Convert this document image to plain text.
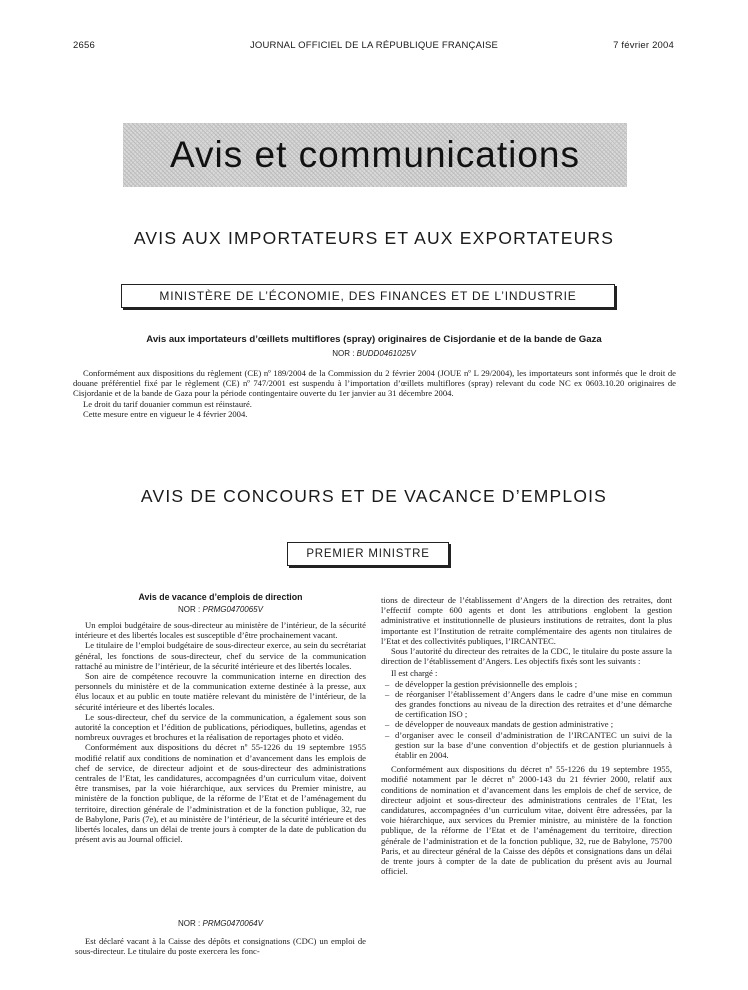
2656	JOURNAL OFFICIEL DE LA RÉPUBLIQUE FRANÇAISE	7 février 2004
Avis et communications
AVIS AUX IMPORTATEURS ET AUX EXPORTATEURS
MINISTÈRE DE L’ÉCONOMIE, DES FINANCES ET DE L’INDUSTRIE
Avis aux importateurs d’œillets multiflores (spray) originaires de Cisjordanie et de la bande de Gaza
NOR : BUDD0461025V

Conformément aux dispositions du règlement (CE) nº 189/2004 de la Commission du 2 février 2004 (JOUE nº L 29/2004), les importateurs sont informés que le droit de douane préférentiel fixé par le règlement (CE) nº 747/2001 est suspendu à l’importation d’œillets multiflores (spray) relevant du code NC ex 0603.10.20 originaires de Cisjordanie et de la bande de Gaza pour la période contingentaire ouverte du 1er janvier au 31 décembre 2004.

Le droit du tarif douanier commun est réinstauré.

Cette mesure entre en vigueur le 4 février 2004.

AVIS DE CONCOURS ET DE VACANCE D’EMPLOIS
PREMIER MINISTRE
Avis de vacance d’emplois de direction
NOR : PRMG0470065V

Un emploi budgétaire de sous-directeur au ministère de l’intérieur, de la sécurité intérieure et des libertés locales est susceptible d’être prochainement vacant.

Le titulaire de l’emploi budgétaire de sous-directeur exerce, au sein du secrétariat général, les fonctions de sous-directeur, chef du service de la communication rattaché au ministre de l’intérieur, de la sécurité intérieure et des libertés locales.

Son aire de compétence recouvre la communication interne en direction des personnels du ministère et de la communication externe destinée à la presse, aux élus locaux et au public en toute matière relevant du ministère de l’intérieur, de la sécurité intérieure et des libertés locales.

Le sous-directeur, chef du service de la communication, a également sous son autorité la conception et l’édition de publications, périodiques, bulletins, agendas et nombreux ouvrages et brochures et la réalisation de reportages photo et vidéo.

Conformément aux dispositions du décret nº 55-1226 du 19 septembre 1955 modifié relatif aux conditions de nomination et d’avancement dans les emplois de chef de service, de directeur adjoint et de sous-directeur des administrations centrales de l’Etat, les candidatures, accompagnées d’un curriculum vitae, doivent être transmises, par la voie hiérarchique, aux services du Premier ministre, au ministère de la fonction publique, de la réforme de l’Etat et de l’aménagement du territoire, direction générale de l’administration et de la fonction publique, 32, rue de Babylone, Paris (7e), et au ministère de l’intérieur, de la sécurité intérieure et des libertés locales, dans un délai de trente jours à compter de la date de publication du présent avis au Journal officiel.

NOR : PRMG0470064V

Est déclaré vacant à la Caisse des dépôts et consignations (CDC) un emploi de sous-directeur. Le titulaire du poste exercera les fonc-

tions de directeur de l’établissement d’Angers de la direction des retraites, dont l’effectif compte 600 agents et dont les attributions englobent la gestion administrative et institutionnelle de plusieurs institutions de retraites, dont la plus importante est l’Institution de retraite complémentaire des agents non titulaires de l’Etat et des collectivités publiques, l’IRCANTEC.

Sous l’autorité du directeur des retraites de la CDC, le titulaire du poste assure la direction de l’établissement d’Angers. Les objectifs fixés sont les suivants :

Il est chargé :

– de développer la gestion prévisionnelle des emplois ;
– de réorganiser l’établissement d’Angers dans le cadre d’une mise en commun des grandes fonctions au niveau de la direction des retraites et d’une démarche de certification ISO ;
– de développer de nouveaux mandats de gestion administrative ;
– d’organiser avec le conseil d’administration de l’IRCANTEC un suivi de la gestion sur la base d’une convention d’objectifs et de gestion pluriannuels à établir en 2004.

Conformément aux dispositions du décret nº 55-1226 du 19 septembre 1955, modifié notamment par le décret nº 2000-143 du 21 février 2000, relatif aux conditions de nomination et d’avancement dans les emplois de chef de service, de directeur adjoint et sous-directeur des administrations centrales de l’Etat, les candidatures, accompagnées d’un curriculum vitae, doivent être adressées, par la voie hiérarchique, aux services du Premier ministre, au ministère de la fonction publique, de la réforme de l’Etat et de l’aménagement du territoire, direction générale de l’administration et de la fonction publique, 32, rue de Babylone, 75700 Paris, et au directeur général de la Caisse des dépôts et consignations dans un délai de trente jours à compter de la date de publication du présent avis au Journal officiel.
